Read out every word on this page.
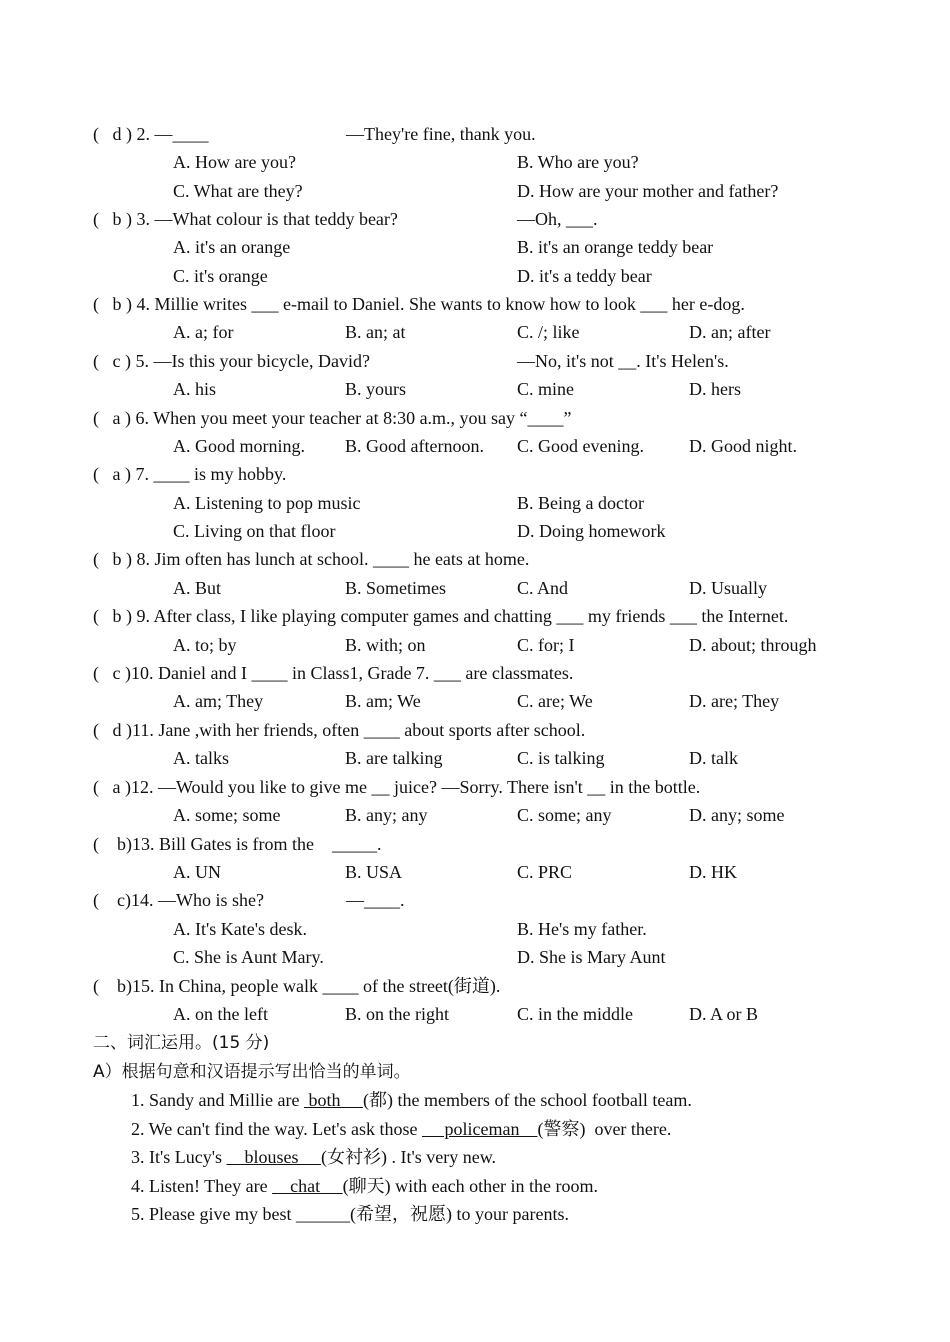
( d ) 2. —____	—They're fine, thank you.
A. How are you?	B. Who are you?
C. What are they?	D. How are your mother and father?
( b ) 3. —What colour is that teddy bear?	—Oh, ___.
A. it's an orange	B. it's an orange teddy bear
C. it's orange	D. it's a teddy bear
( b ) 4. Millie writes ___ e-mail to Daniel. She wants to know how to look ___ her e-dog.
A. a; for	B. an; at	C. /; like	D. an; after
( c ) 5. —Is this your bicycle, David?	—No, it's not __. It's Helen's.
A. his	B. yours	C. mine	D. hers
( a ) 6. When you meet your teacher at 8:30 a.m., you say “____”
A. Good morning. B. Good afternoon. C. Good evening.	D. Good night.
( a ) 7. ____ is my hobby.
A. Listening to pop music	B. Being a doctor
C. Living on that floor	D. Doing homework
( b ) 8. Jim often has lunch at school. ____ he eats at home.
A. But	B. Sometimes	C. And	D. Usually
( b ) 9. After class, I like playing computer games and chatting ___ my friends ___ the Internet.
A. to; by	B. with; on	C. for; I	D. about; through
( c )10. Daniel and I ____ in Class1, Grade 7. ___ are classmates.
A. am; They	B. am; We	C. are; We	D. are; They
( d )11. Jane ,with her friends, often ____ about sports after school.
A. talks	B. are talking	C. is talking	D. talk
( a )12. —Would you like to give me __ juice? —Sorry. There isn't __ in the bottle.
A. some; some	B. any; any	C. some; any	D. any; some
( b)13. Bill Gates is from the    _____.
A. UN	B. USA	C. PRC	D. HK
( c)14. —Who is she?	—____.
A. It's Kate's desk.	B. He's my father.
C. She is Aunt Mary.	D. She is Mary Aunt
( b)15. In China, people walk ____ of the street(街道).
A. on the left	B. on the right	C. in the middle	D. A or B
二、词汇运用。(15 分)
A）根据句意和汉语提示写出恰当的单词。
1. Sandy and Millie are  both     (都) the members of the school football team.
2. We can't find the way. Let's ask those      policeman    (警察)  over there.
3. It's Lucy's     blouses     (女衬衫) . It's very new.
4. Listen! They are     chat     (聊天) with each other in the room.
5. Please give my best ______(希望，祝愿) to your parents.
